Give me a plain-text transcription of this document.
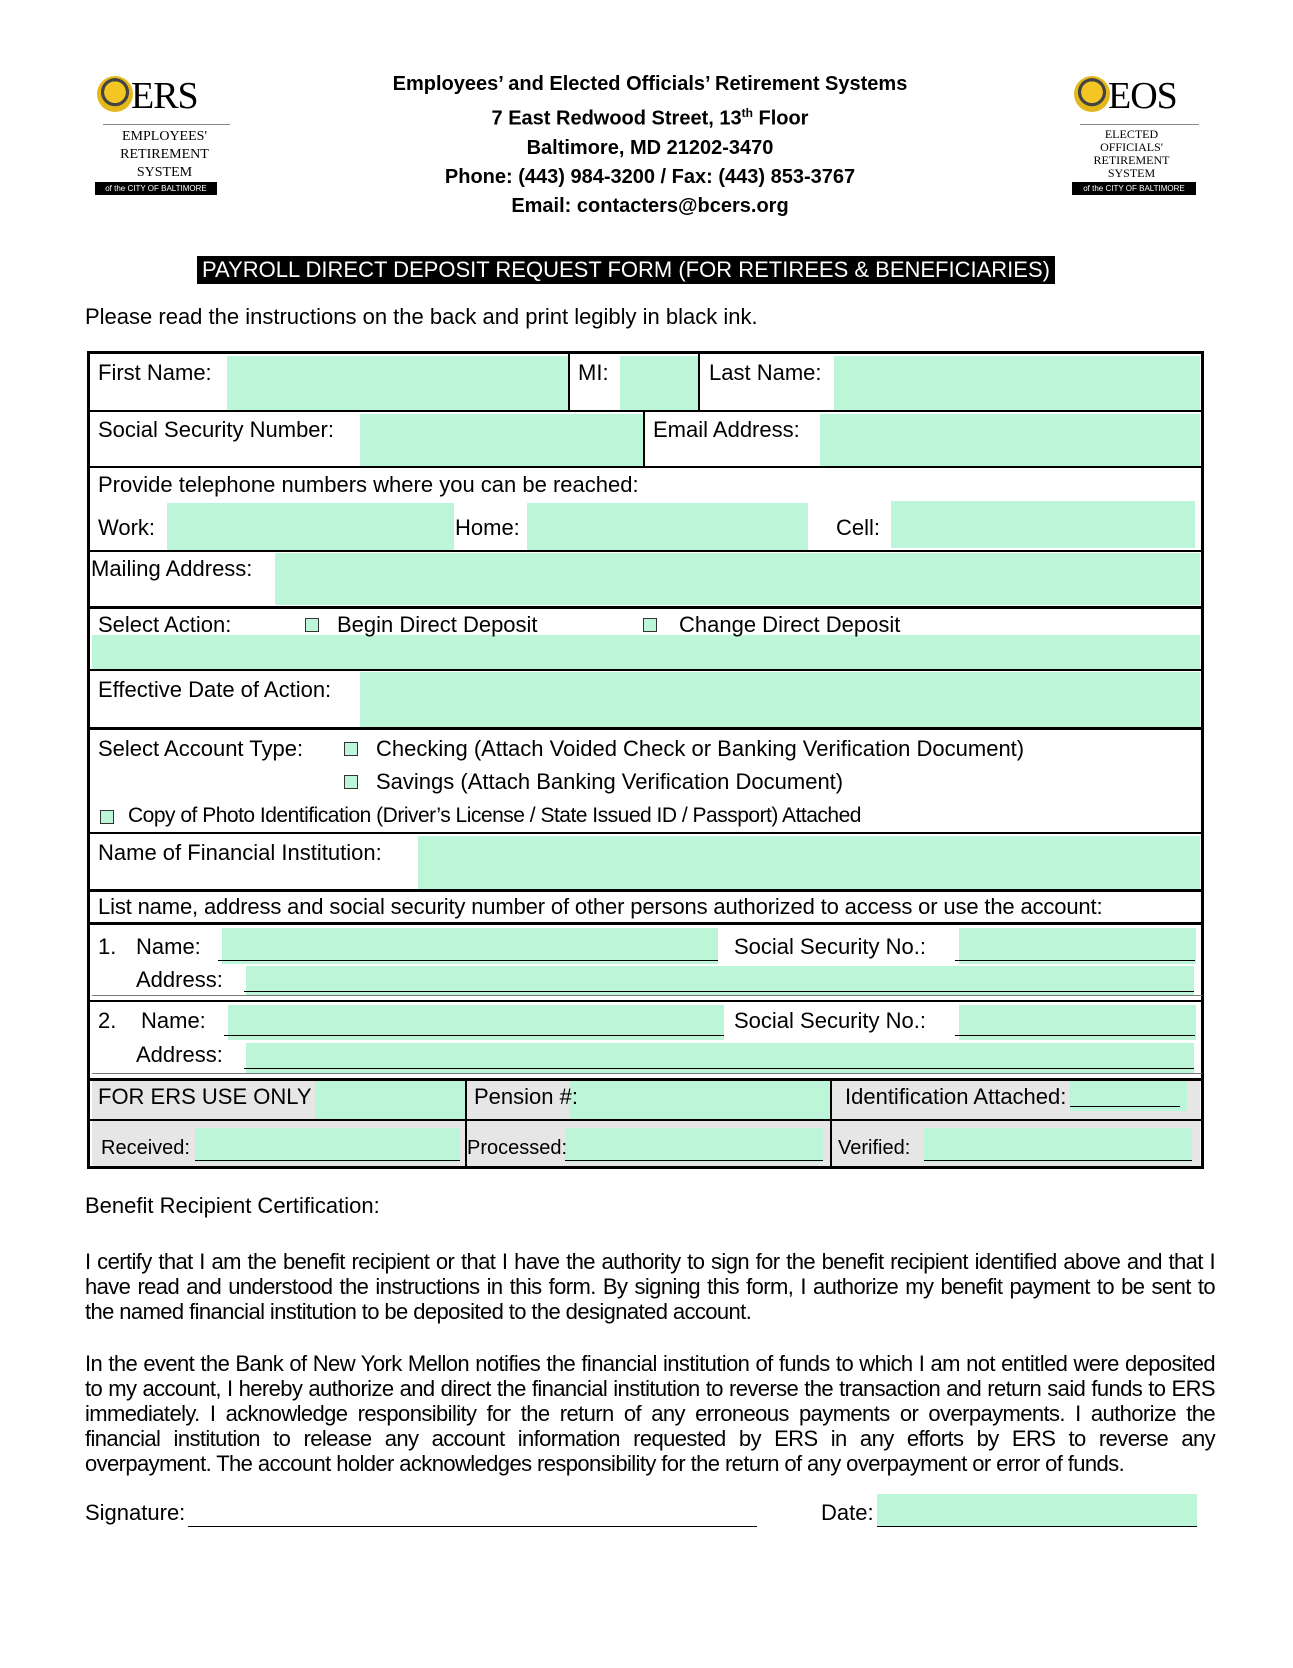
ERS
EMPLOYEES'
RETIREMENT
SYSTEM
of the CITY OF BALTIMORE
EOS
ELECTED
OFFICIALS'
RETIREMENT
SYSTEM
of the CITY OF BALTIMORE
Employees’ and Elected Officials’ Retirement Systems
7 East Redwood Street, 13th Floor
Baltimore, MD 21202-3470
Phone: (443) 984-3200 / Fax: (443) 853-3767
Email: contacters@bcers.org
PAYROLL DIRECT DEPOSIT REQUEST FORM (FOR RETIREES & BENEFICIARIES)
Please read the instructions on the back and print legibly in black ink.
First Name:	MI:	Last Name:
Social Security Number:	Email Address:
Provide telephone numbers where you can be reached:
Work:	Home:	Cell:
Mailing Address:
Select Action:	Begin Direct Deposit	Change Direct Deposit
Effective Date of Action:
Select Account Type:	Checking (Attach Voided Check or Banking Verification Document)
Savings (Attach Banking Verification Document)
Copy of Photo Identification (Driver’s License / State Issued ID / Passport) Attached
Name of Financial Institution:
List name, address and social security number of other persons authorized to access or use the account:
1. Name:	Social Security No.:
Address:
2. Name:	Social Security No.:
Address:
FOR ERS USE ONLY	Pension #:	Identification Attached:
Received:	Processed:	Verified:
Benefit Recipient Certification:
I certify that I am the benefit recipient or that I have the authority to sign for the benefit recipient identified above and that I have read and understood the instructions in this form. By signing this form, I authorize my benefit payment to be sent to the named financial institution to be deposited to the designated account.
In the event the Bank of New York Mellon notifies the financial institution of funds to which I am not entitled were deposited to my account, I hereby authorize and direct the financial institution to reverse the transaction and return said funds to ERS immediately. I acknowledge responsibility for the return of any erroneous payments or overpayments. I authorize the financial institution to release any account information requested by ERS in any efforts by ERS to reverse any overpayment. The account holder acknowledges responsibility for the return of any overpayment or error of funds.
Signature:	Date:
